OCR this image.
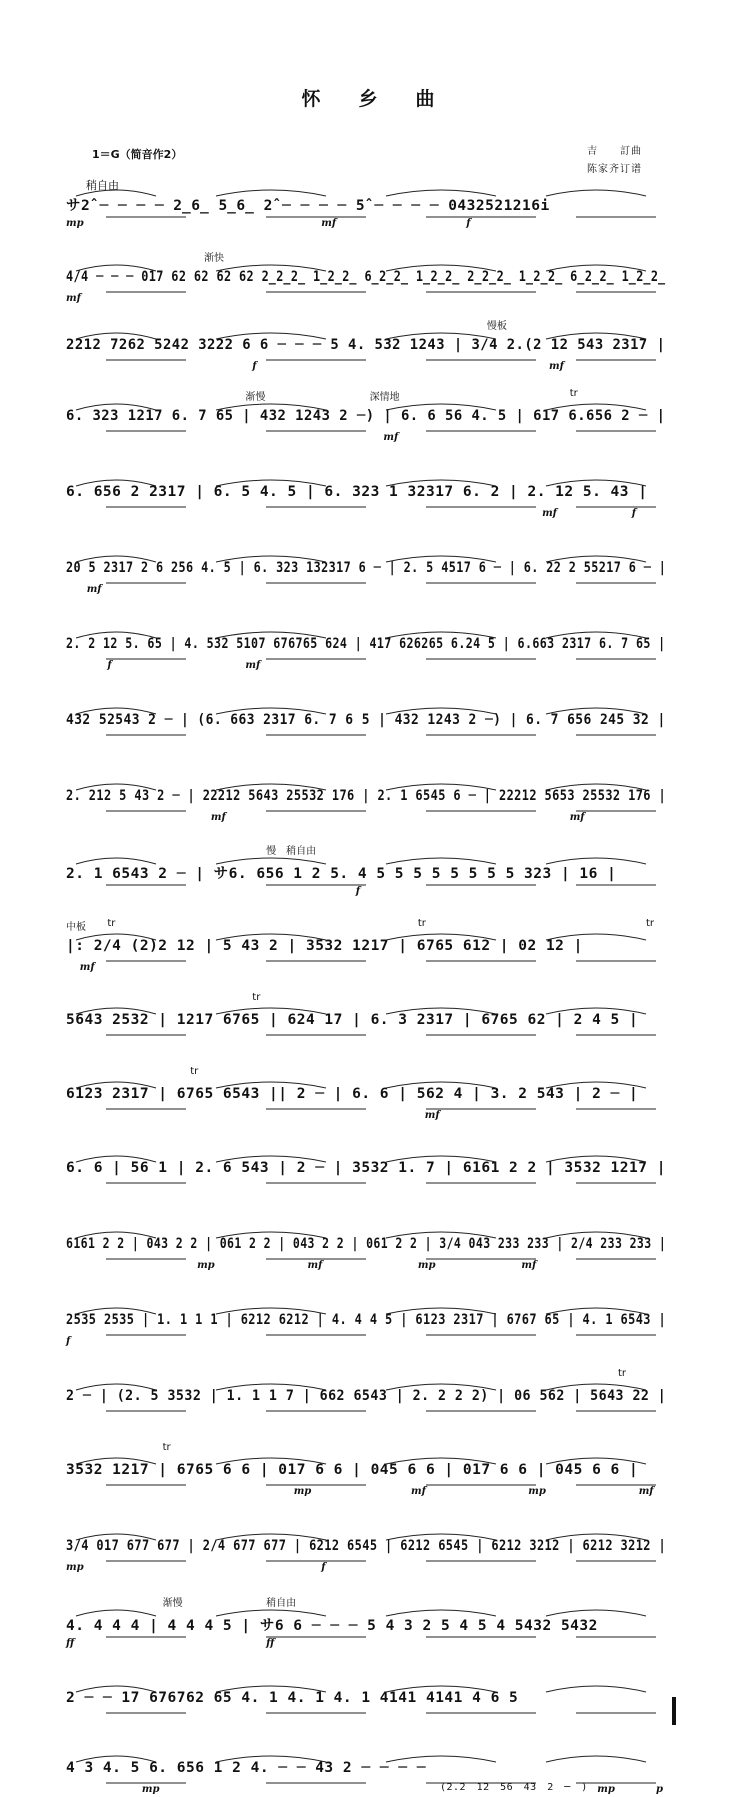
怀乡曲
1＝G（简音作2）
稍自由
吉　　訂曲
陈家齐订谱
サ2̂ ─ ─ ─ ─ 2̲6̲ 5̲6̲ 2̂ ─ ─ ─ ─ 5̂ ─ ─ ─ ─ 0432521216i
mp	mf	f
4/4 ─ ─ ─ 017 62 62 62 62 2̲2̲2̲ 1̲2̲2̲ 6̲2̲2̲ 1̲2̲2̲ 2̲2̲2̲ 1̲2̲2̲ 6̲2̲2̲ 1̲2̲2̲
mf
渐快
2212 7262 5242 3222 6 6 ─ ─ ─ 5 4. 532 1243 | 3/4 2.(2 12 543 2317 |
f	mf
慢板
6. 323 1217 6. 7 65 | 432 1243 2 ─) | 6. 6 56 4. 5 | 617 6.656 2 ─ |
mf
渐慢	深情地	tr
6. 656 2 2317 | 6. 5 4. 5 | 6. 323 1 32317 6. 2 | 2. 12 5. 43 |
mf	f
20 5 2317 2 6 256 4. 5 | 6. 323 132317 6 ─ | 2. 5 4517 6 ─ | 6. 22 2 55217 6 ─ |
mf
2. 2 12 5. 65 | 4. 532 5107 676765 624 | 417 626265 6.24 5 | 6.663 2317 6. 7 65 |
f	mf
432 52543 2 ─ | (6. 663 2317 6. 7 6 5 | 432 1243 2 ─) | 6. 7 656 245 32 |
2. 212 5 43 2 ─ | 22212 5643 25532 176 | 2. 1 6545 6 ─ | 22212 5653 25532 176 |
mf	mf
2. 1 6543 2 ─ | サ6. 656 1 2 5. 4 5 5 5 5 5 5 5 5 323 | 16 |
f
慢　稍自由
|: 2/4 (2)2 12 | 5 43 2 | 3532 1217 | 6765 612 | 02 12 |
mf
中板 tr	tr	tr
5643 2532 | 1217 6765 | 624 17 | 6. 3 2317 | 6765 62 | 2 4 5 |
tr
6123 2317 | 6765 6543 || 2 ─ | 6. 6 | 562 4 | 3. 2 543 | 2 ─ |
mf
tr
6. 6 | 56 1 | 2. 6 543 | 2 ─ | 3532 1. 7 | 6161 2 2 | 3532 1217 |
6161 2 2 | 043 2 2 | 061 2 2 | 043 2 2 | 061 2 2 | 3/4 043 233 233 | 2/4 233 233 |
mp	mf	mp	mf
2535 2535 | 1. 1 1 1 | 6212 6212 | 4. 4 4 5 | 6123 2317 | 6767 65 | 4. 1 6543 |
f
2 ─ | (2. 5 3532 | 1. 1 1 7 | 662 6543 | 2. 2 2 2) | 06 562 | 5643 22 |
tr
3532 1217 | 6765 6 6 | 017 6 6 | 045 6 6 | 017 6 6 | 045 6 6 |
mp	mf	mp	mf
tr
3/4 017 677 677 | 2/4 677 677 | 6212 6545 | 6212 6545 | 6212 3212 | 6212 3212 |
mp	f
4. 4 4 4 | 4 4 4 5 | サ6 6 ─ ─ ─ 5 4 3 2 5 4 5 4 5432 5432
ff	ff
渐慢	稍自由
2 ─ ─ 17 676762 65 4. 1 4. 1 4. 1 4141 4141 4 6 5
4 3 4. 5 6. 656 1 2 4. ─ ─ 43 2 ─ ─ ─ ─
mp	mp	p
(2.2　12　56　43　2　─　)
